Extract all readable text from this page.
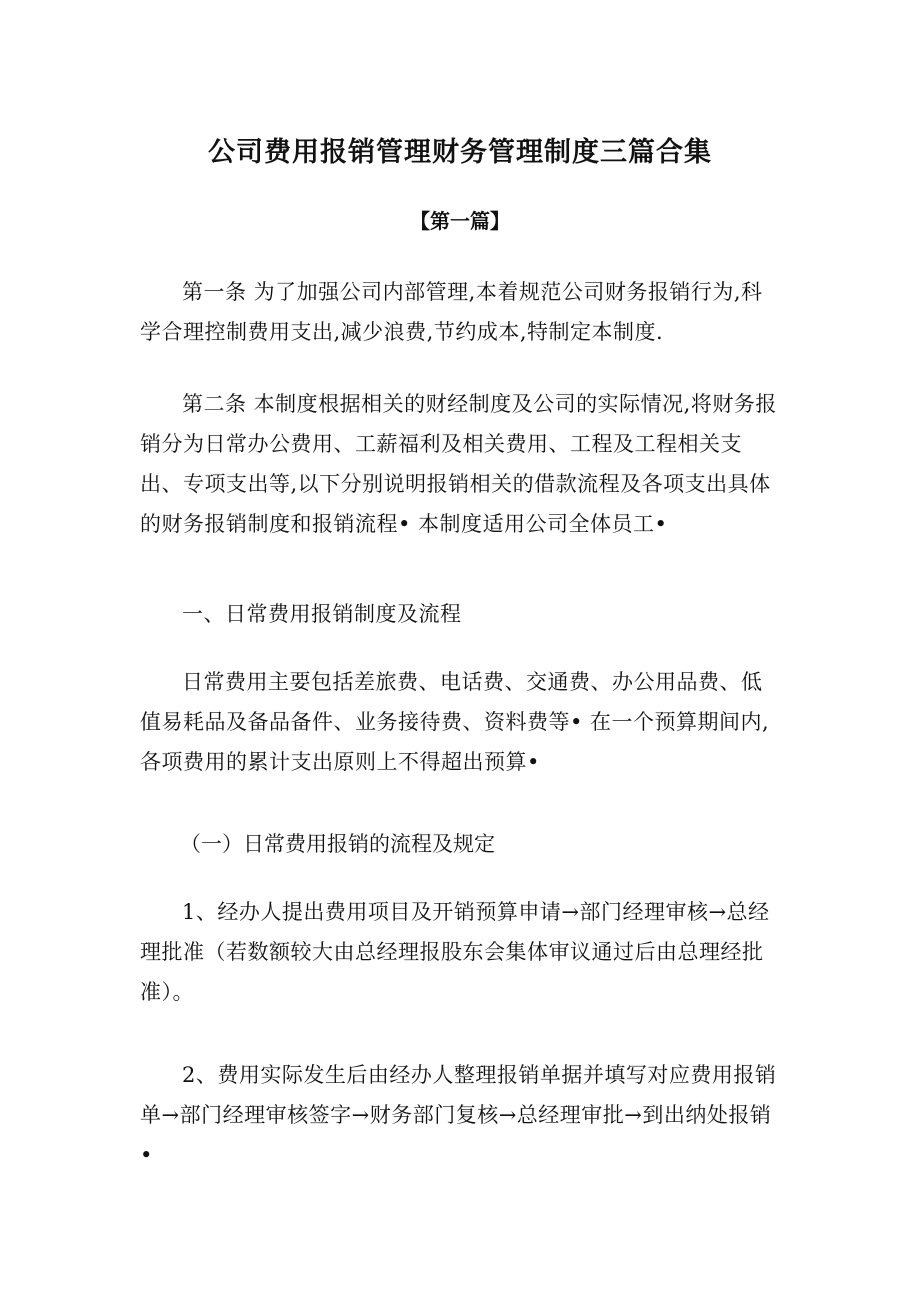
公司费用报销管理财务管理制度三篇合集
【第一篇】

第一条 为了加强公司内部管理,本着规范公司财务报销行为,科学合理控制费用支出,减少浪费,节约成本,特制定本制度.

第二条 本制度根据相关的财经制度及公司的实际情况,将财务报销分为日常办公费用、工薪福利及相关费用、工程及工程相关支出、专项支出等,以下分别说明报销相关的借款流程及各项支出具体的财务报销制度和报销流程• 本制度适用公司全体员工•

一、日常费用报销制度及流程

日常费用主要包括差旅费、电话费、交通费、办公用品费、低值易耗品及备品备件、业务接待费、资料费等• 在一个预算期间内,各项费用的累计支出原则上不得超出预算•

（一）日常费用报销的流程及规定

1、经办人提出费用项目及开销预算申请→部门经理审核→总经理批准（若数额较大由总经理报股东会集体审议通过后由总理经批准）。

2、费用实际发生后由经办人整理报销单据并填写对应费用报销单→部门经理审核签字→财务部门复核→总经理审批→到出纳处报销•
